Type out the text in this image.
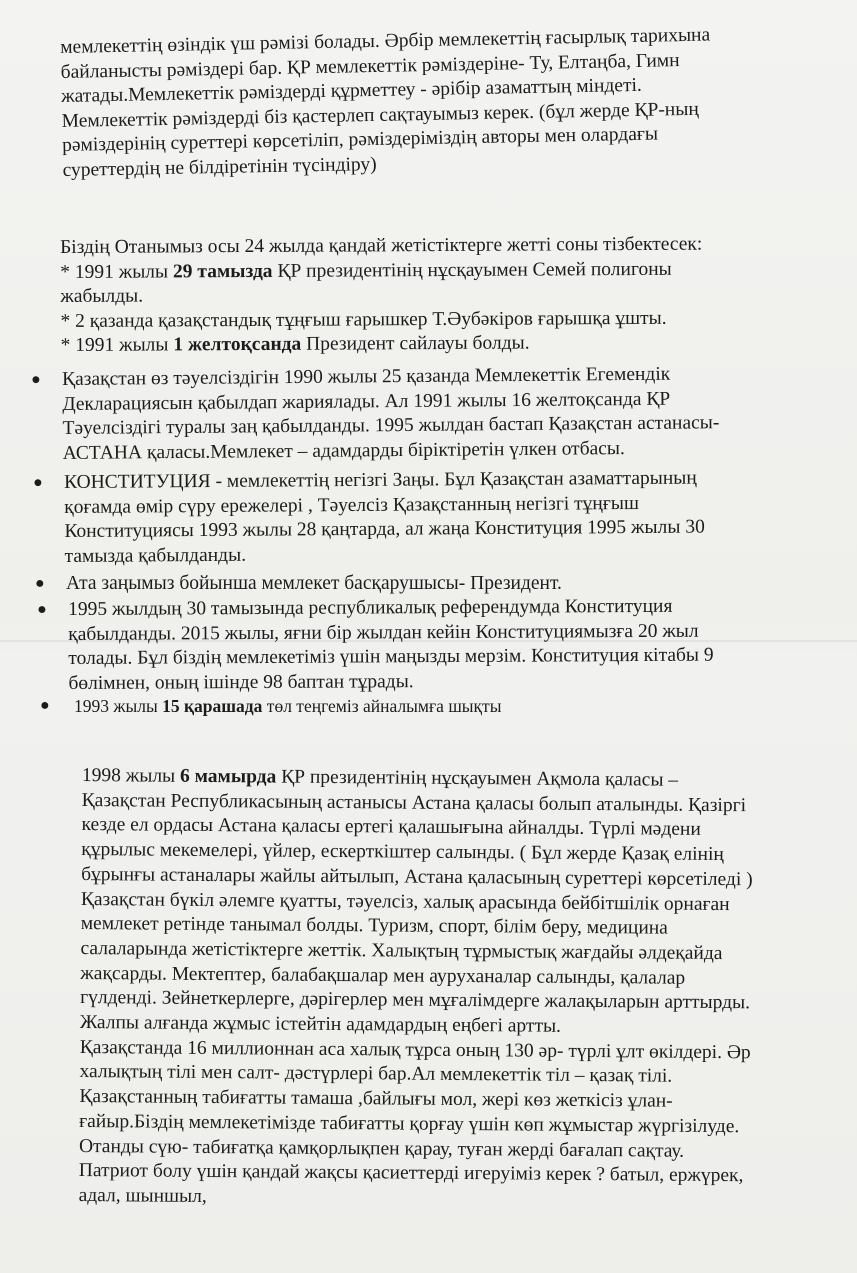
мемлекеттің өзіндік үш рәмізі болады. Әрбір мемлекеттің ғасырлық тарихына

байланысты рәміздері бар. ҚР мемлекеттік рәміздеріне- Ту, Елтаңба, Гимн

жатады.Мемлекеттік рәміздерді құрметтеу - әрібір азаматтың міндеті.

Мемлекеттік рәміздерді біз қастерлеп сақтауымыз керек. (бұл жерде ҚР-ның

рәміздерінің суреттері көрсетіліп, рәміздеріміздің авторы мен олардағы

суреттердің не білдіретінін түсіндіру)

Біздің Отанымыз осы 24 жылда қандай жетістіктерге жетті соны тізбектесек:

* 1991 жылы 29 тамызда ҚР президентінің нұсқауымен Семей полигоны

жабылды.

* 2 қазанда қазақстандық тұңғыш ғарышкер Т.Әубәкіров ғарышқа ұшты.

* 1991 жылы 1 желтоқсанда Президент сайлауы болды.

● Қазақстан өз тәуелсіздігін 1990 жылы 25 қазанда Мемлекеттік Егемендік

Декларациясын қабылдап жариялады. Ал 1991 жылы 16 желтоқсанда ҚР

Тәуелсіздігі туралы заң қабылданды. 1995 жылдан бастап Қазақстан астанасы-

АСТАНА қаласы.Мемлекет – адамдарды біріктіретін үлкен отбасы.

● КОНСТИТУЦИЯ - мемлекеттің негізгі Заңы. Бұл Қазақстан азаматтарының

қоғамда өмір сүру ережелері , Тәуелсіз Қазақстанның негізгі тұңғыш

Конституциясы 1993 жылы 28 қаңтарда, ал жаңа Конституция 1995 жылы 30

тамызда қабылданды.

● Ата заңымыз бойынша мемлекет басқарушысы- Президент.

● 1995 жылдың 30 тамызында республикалық референдумда Конституция

қабылданды. 2015 жылы, яғни бір жылдан кейін Конституциямызға 20 жыл

толады. Бұл біздің мемлекетіміз үшін маңызды мерзім. Конституция кітабы 9

бөлімнен, оның ішінде 98 баптан тұрады.

● 1993 жылы 15 қарашада төл теңгеміз айналымға шықты

1998 жылы 6 мамырда ҚР президентінің нұсқауымен Ақмола қаласы –

Қазақстан Республикасының астанысы Астана қаласы болып аталынды. Қазіргі

кезде ел ордасы Астана қаласы ертегі қалашығына айналды. Түрлі мәдени

құрылыс мекемелері, үйлер, ескерткіштер салынды. ( Бұл жерде Қазақ елінің

бұрынғы астаналары жайлы айтылып, Астана қаласының суреттері көрсетіледі )

Қазақстан бүкіл әлемге қуатты, тәуелсіз, халық арасында бейбітшілік орнаған

мемлекет ретінде танымал болды. Туризм, спорт, білім беру, медицина

салаларында жетістіктерге жеттік. Халықтың тұрмыстық жағдайы әлдеқайда

жақсарды. Мектептер, балабақшалар мен ауруханалар салынды, қалалар

гүлденді. Зейнеткерлерге, дәрігерлер мен мұғалімдерге жалақыларын арттырды.

Жалпы алғанда жұмыс істейтін адамдардың еңбегі артты.

Қазақстанда 16 миллионнан аса халық тұрса оның 130 әр- түрлі ұлт өкілдері. Әр

халықтың тілі мен салт- дәстүрлері бар.Ал мемлекеттік тіл – қазақ тілі.

Қазақстанның табиғатты тамаша ,байлығы мол, жері көз жеткісіз ұлан-

ғайыр.Біздің мемлекетімізде табиғатты қорғау үшін көп жұмыстар жүргізілуде.

Отанды сүю- табиғатқа қамқорлықпен қарау, туған жерді бағалап сақтау.

Патриот болу үшін қандай жақсы қасиеттерді игеруіміз керек ? батыл, ержүрек,

адал, шыншыл,
